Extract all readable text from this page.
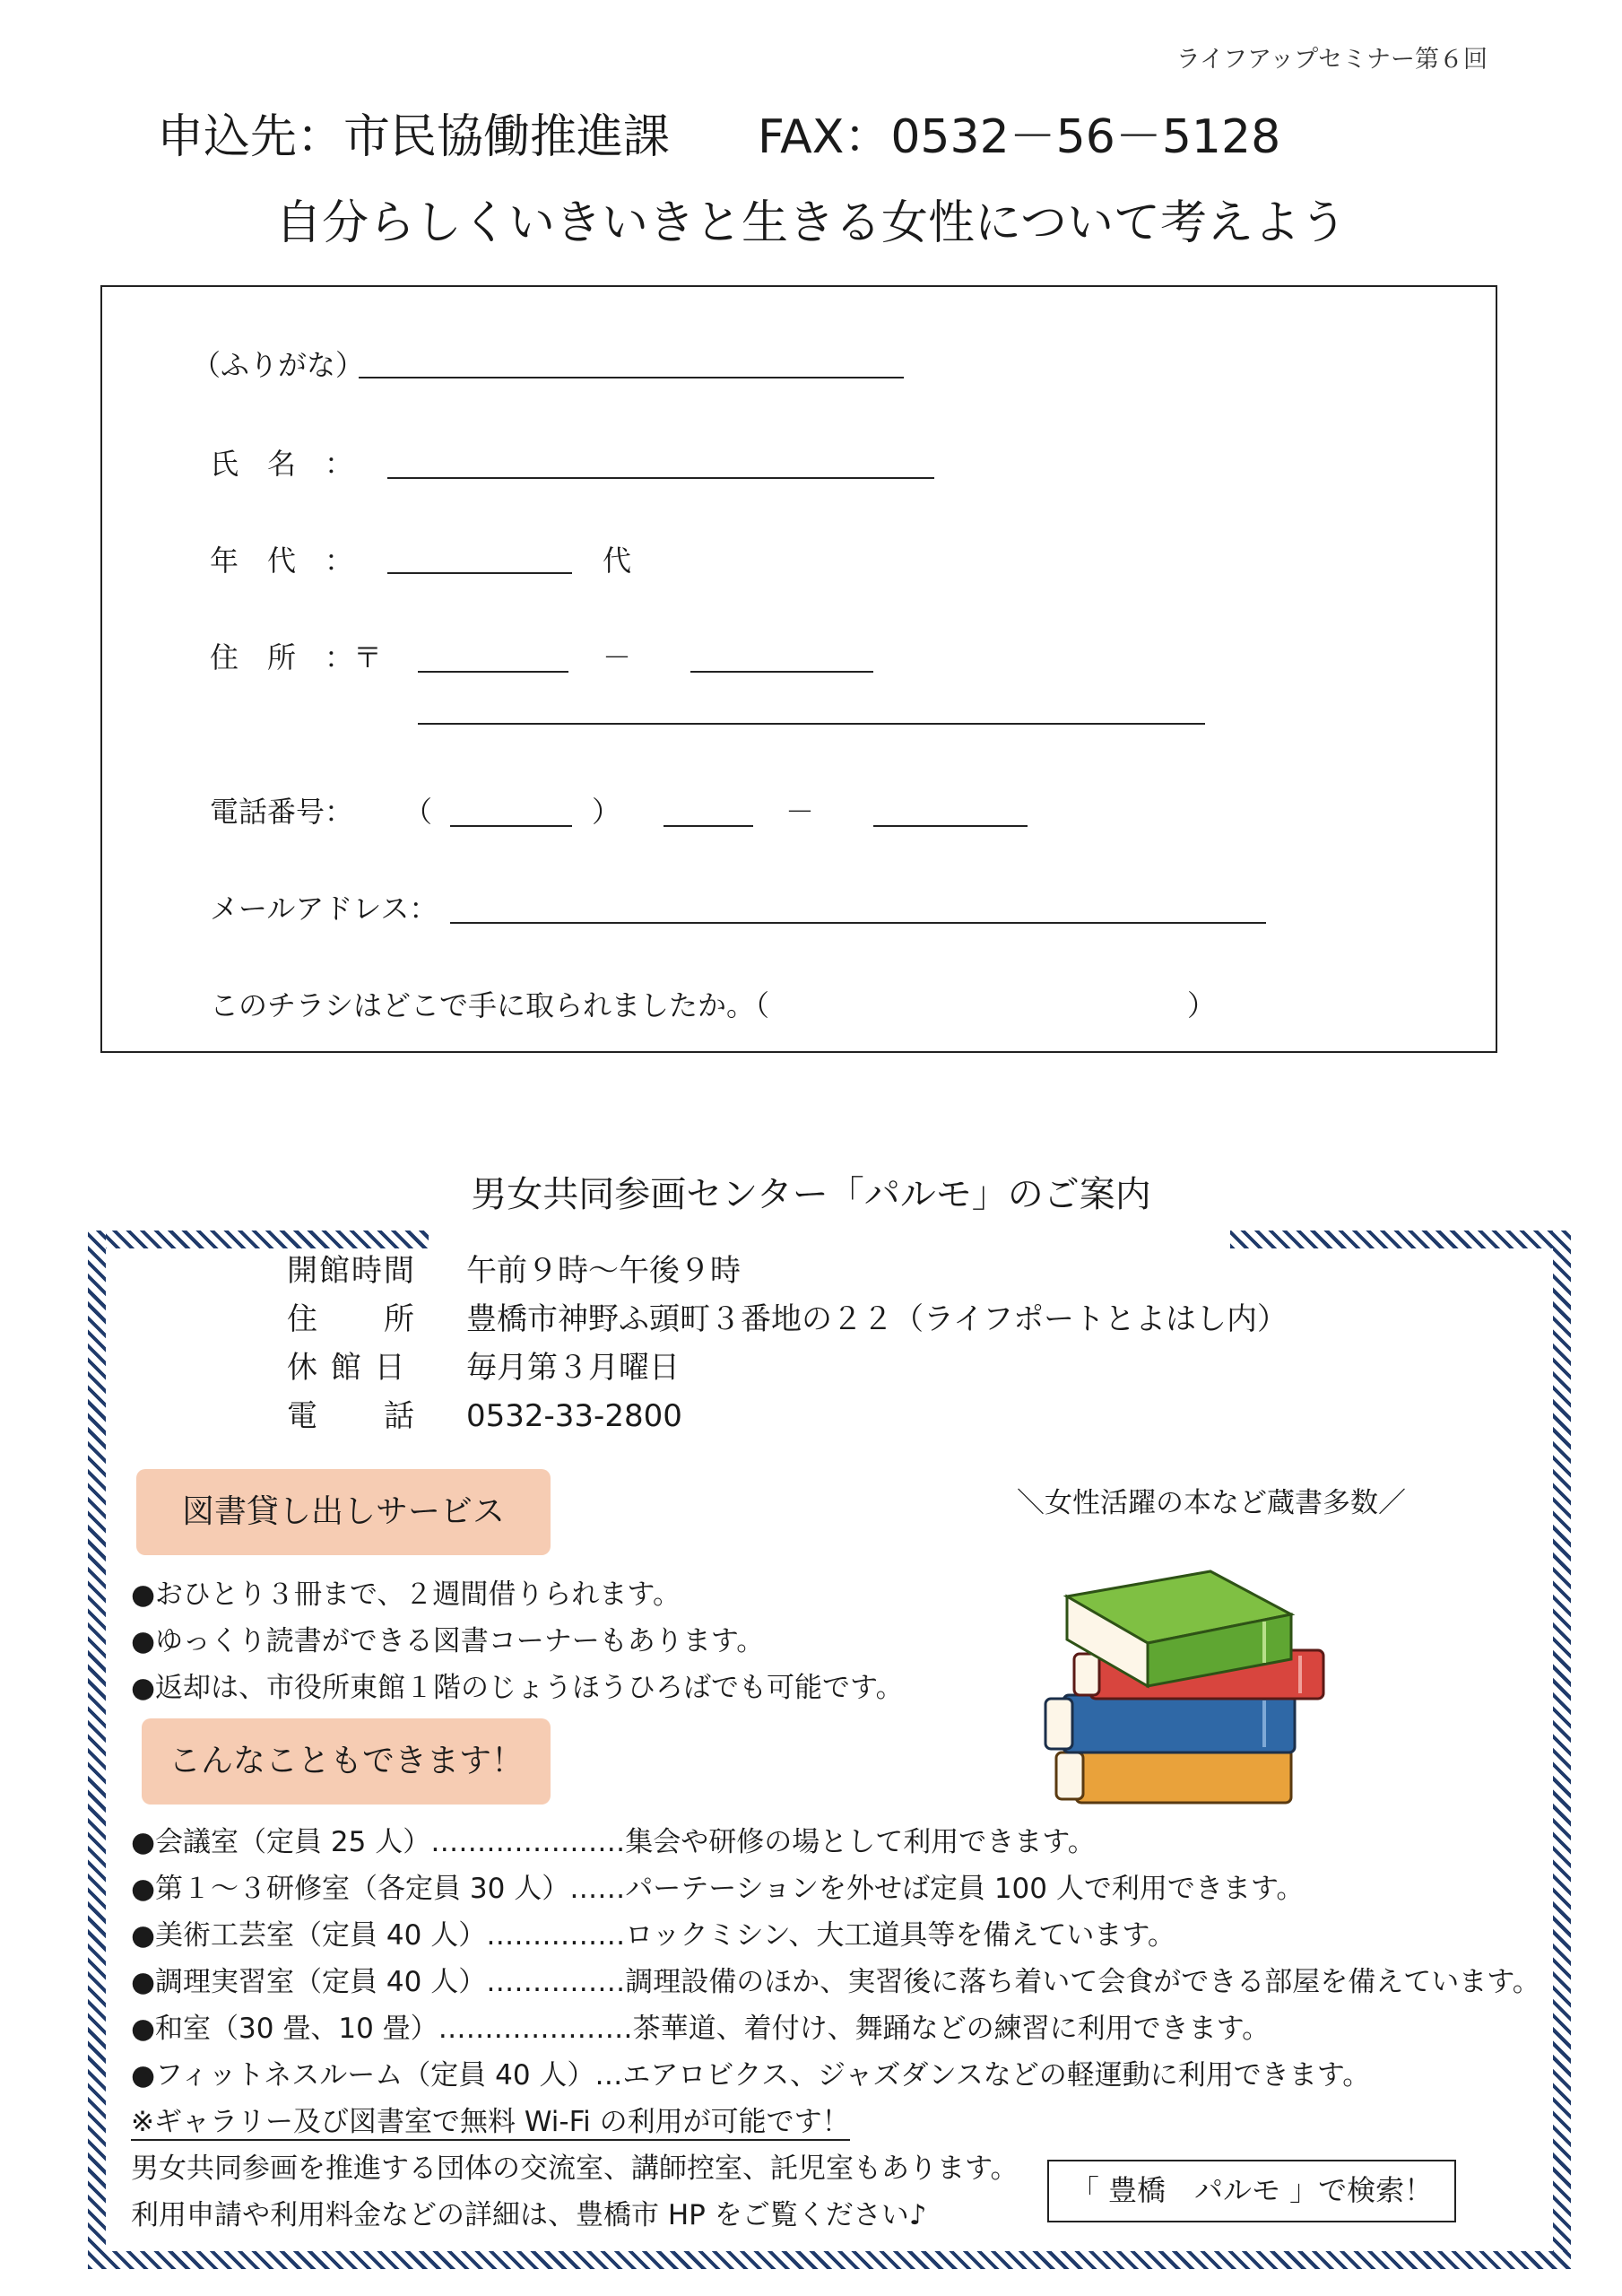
ライフアップセミナー第６回
申込先：市民協働推進課 FAX：0532－56－5128
自分らしくいきいきと生きる女性について考えよう
（ふりがな）
氏　名　：
年　代　：	代
住　所　：〒	－
電話番号： （	）	－
メールアドレス：
このチラシはどこで手に取られましたか。（	）
男女共同参画センター「パルモ」のご案内
開館時間 午前９時～午後９時
住　　所 豊橋市神野ふ頭町３番地の２２（ライフポートとよはし内）
休 館 日 毎月第３月曜日
電　　話 0532-33-2800
図書貸し出しサービス	＼女性活躍の本など蔵書多数／
●おひとり３冊まで、２週間借りられます。
●ゆっくり読書ができる図書コーナーもあります。
●返却は、市役所東館１階のじょうほうひろばでも可能です。
こんなこともできます！
●会議室（定員 25 人）…………………集会や研修の場として利用できます。
●第１～３研修室（各定員 30 人）……パーテーションを外せば定員 100 人で利用できます。
●美術工芸室（定員 40 人）……………ロックミシン、大工道具等を備えています。
●調理実習室（定員 40 人）……………調理設備のほか、実習後に落ち着いて会食ができる部屋を備えています。
●和室（30 畳、10 畳）…………………茶華道、着付け、舞踊などの練習に利用できます。
●フィットネスルーム（定員 40 人）…エアロビクス、ジャズダンスなどの軽運動に利用できます。
※ギャラリー及び図書室で無料 Wi-Fi の利用が可能です！
男女共同参画を推進する団体の交流室、講師控室、託児室もあります。
利用申請や利用料金などの詳細は、豊橋市 HP をご覧ください♪
「 豊橋　パルモ 」で検索！
